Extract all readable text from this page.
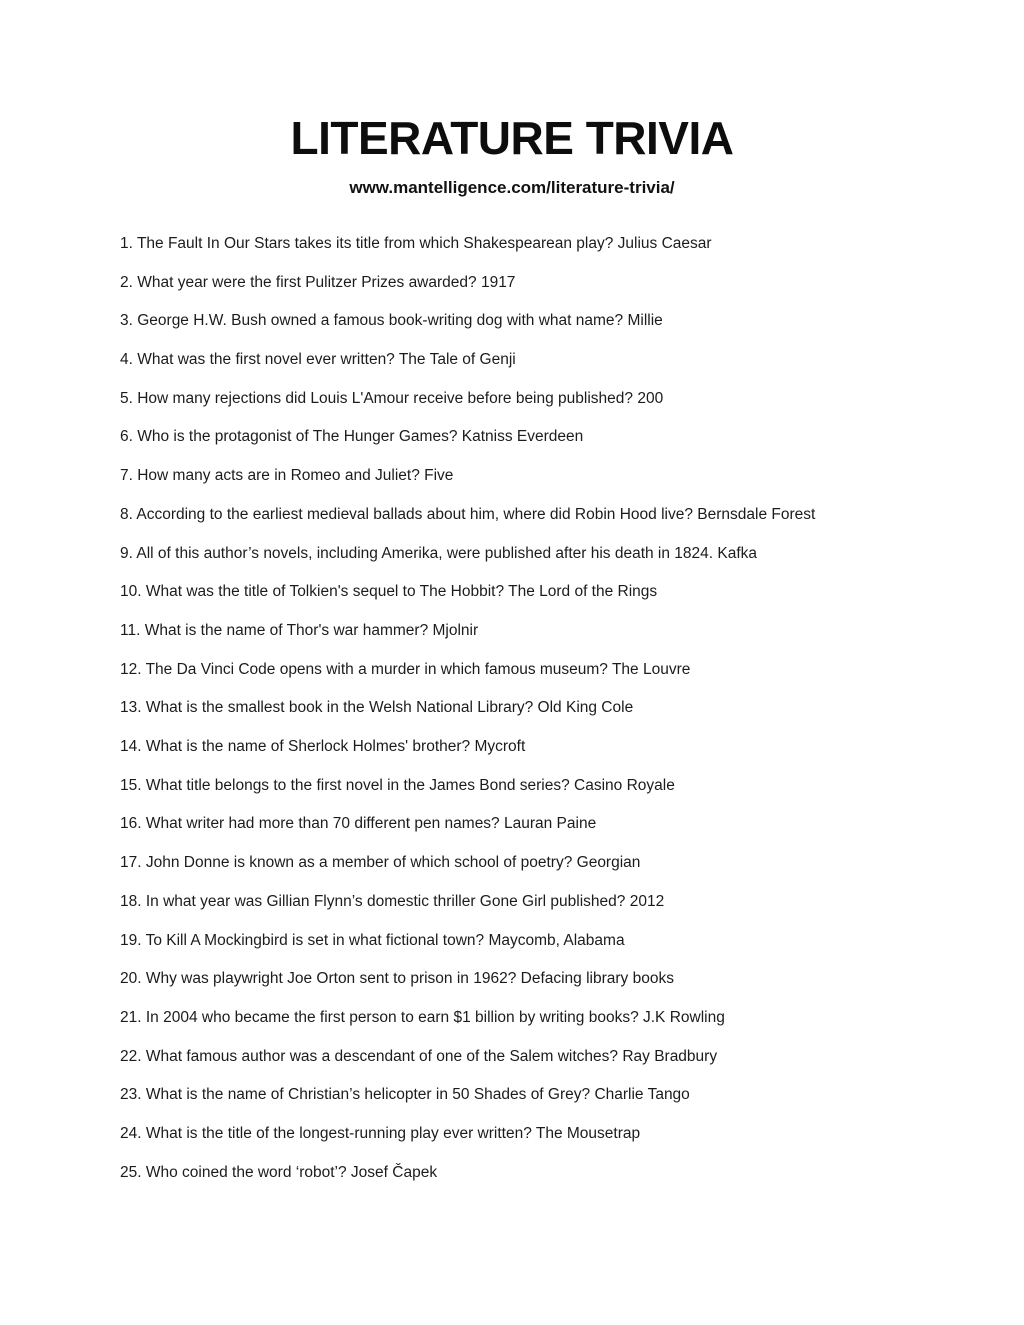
LITERATURE TRIVIA
www.mantelligence.com/literature-trivia/
1. The Fault In Our Stars takes its title from which Shakespearean play? Julius Caesar
2. What year were the first Pulitzer Prizes awarded? 1917
3. George H.W. Bush owned a famous book-writing dog with what name? Millie
4. What was the first novel ever written? The Tale of Genji
5. How many rejections did Louis L'Amour receive before being published? 200
6. Who is the protagonist of The Hunger Games? Katniss Everdeen
7. How many acts are in Romeo and Juliet? Five
8. According to the earliest medieval ballads about him, where did Robin Hood live? Bernsdale Forest
9. All of this author’s novels, including Amerika, were published after his death in 1824. Kafka
10. What was the title of Tolkien's sequel to The Hobbit? The Lord of the Rings
11. What is the name of Thor's war hammer? Mjolnir
12. The Da Vinci Code opens with a murder in which famous museum? The Louvre
13. What is the smallest book in the Welsh National Library? Old King Cole
14. What is the name of Sherlock Holmes' brother? Mycroft
15. What title belongs to the first novel in the James Bond series? Casino Royale
16. What writer had more than 70 different pen names? Lauran Paine
17. John Donne is known as a member of which school of poetry? Georgian
18. In what year was Gillian Flynn’s domestic thriller Gone Girl published? 2012
19. To Kill A Mockingbird is set in what fictional town? Maycomb, Alabama
20. Why was playwright Joe Orton sent to prison in 1962? Defacing library books
21. In 2004 who became the first person to earn $1 billion by writing books? J.K Rowling
22. What famous author was a descendant of one of the Salem witches? Ray Bradbury
23. What is the name of Christian’s helicopter in 50 Shades of Grey? Charlie Tango
24. What is the title of the longest-running play ever written? The Mousetrap
25. Who coined the word ‘robot’? Josef Čapek
